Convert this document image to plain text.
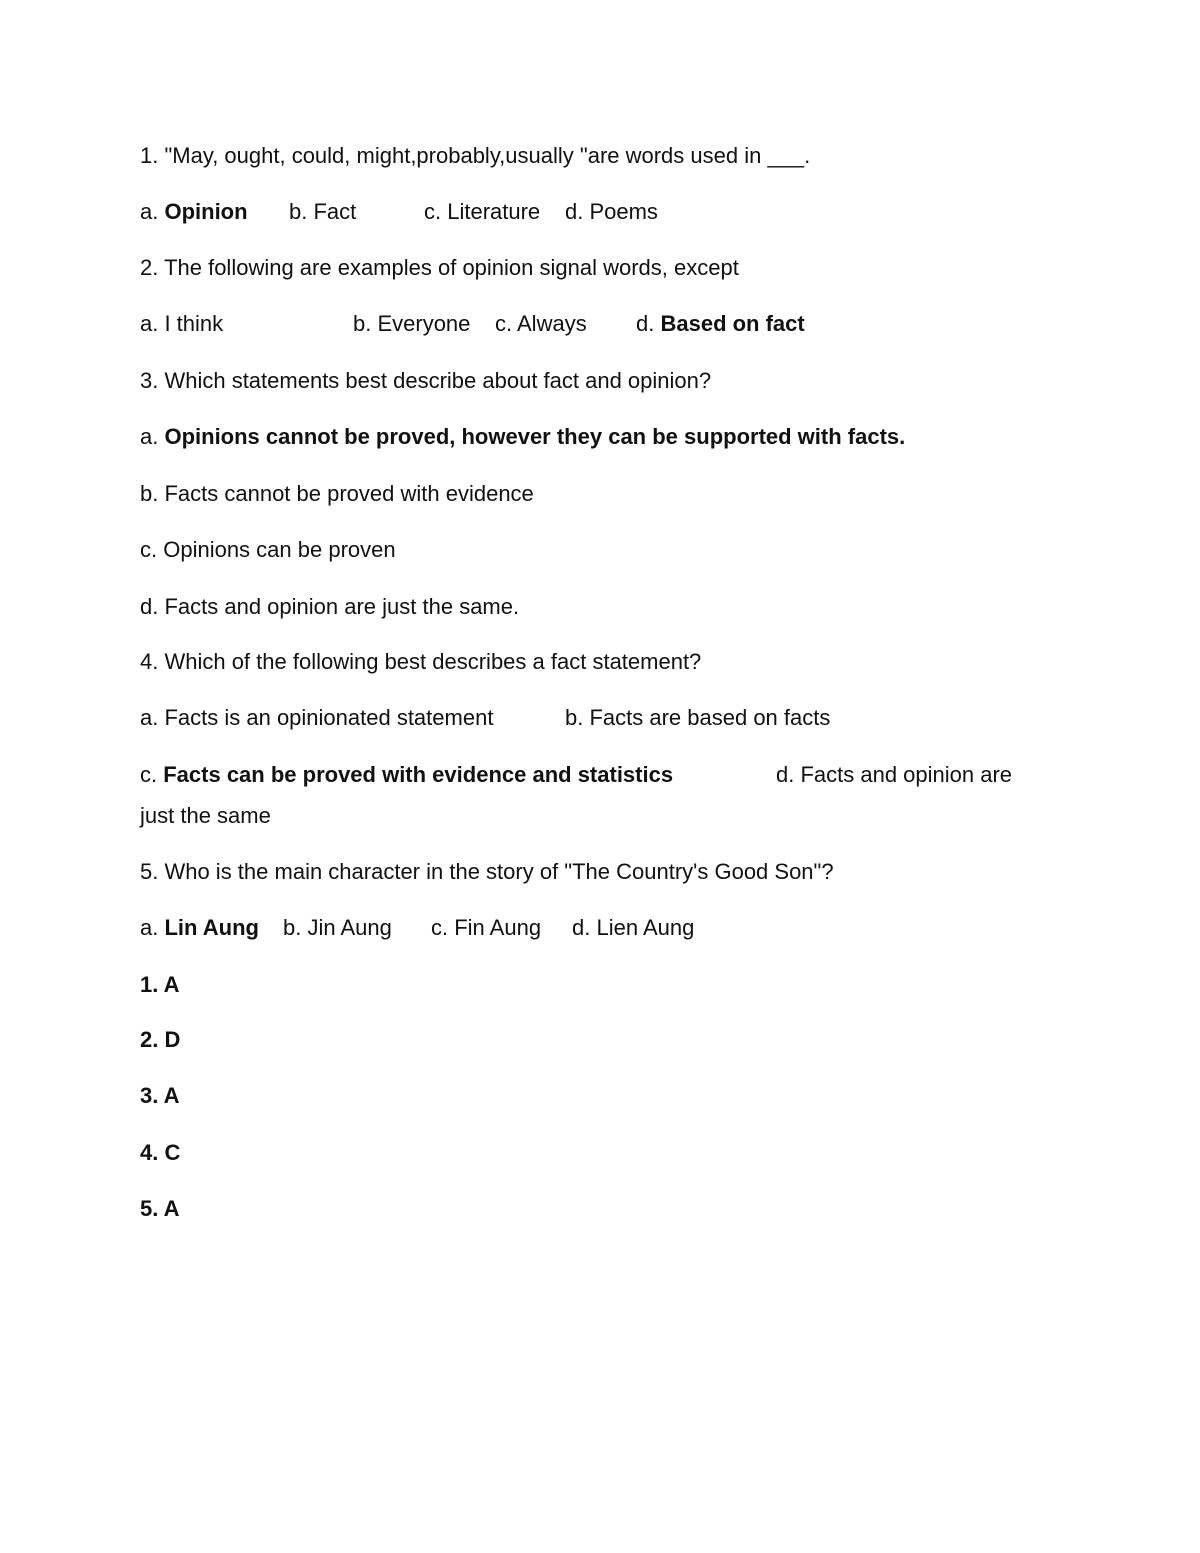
1. "May, ought, could, might,probably,usually "are words used in ___.
a. Opinion b. Fact	c. Literature d. Poems
2. The following are examples of opinion signal words, except
a. I think	b. Everyone c. Always d. Based on fact
3. Which statements best describe about fact and opinion?
a. Opinions cannot be proved, however they can be supported with facts.
b. Facts cannot be proved with evidence
c. Opinions can be proven
d. Facts and opinion are just the same.
4. Which of the following best describes a fact statement?
a. Facts is an opinionated statement	b. Facts are based on facts
c. Facts can be proved with evidence and statistics	d. Facts and opinion are
just the same
5. Who is the main character in the story of "The Country's Good Son"?
a. Lin Aung b. Jin Aung c. Fin Aung d. Lien Aung
1. A
2. D
3. A
4. C
5. A
